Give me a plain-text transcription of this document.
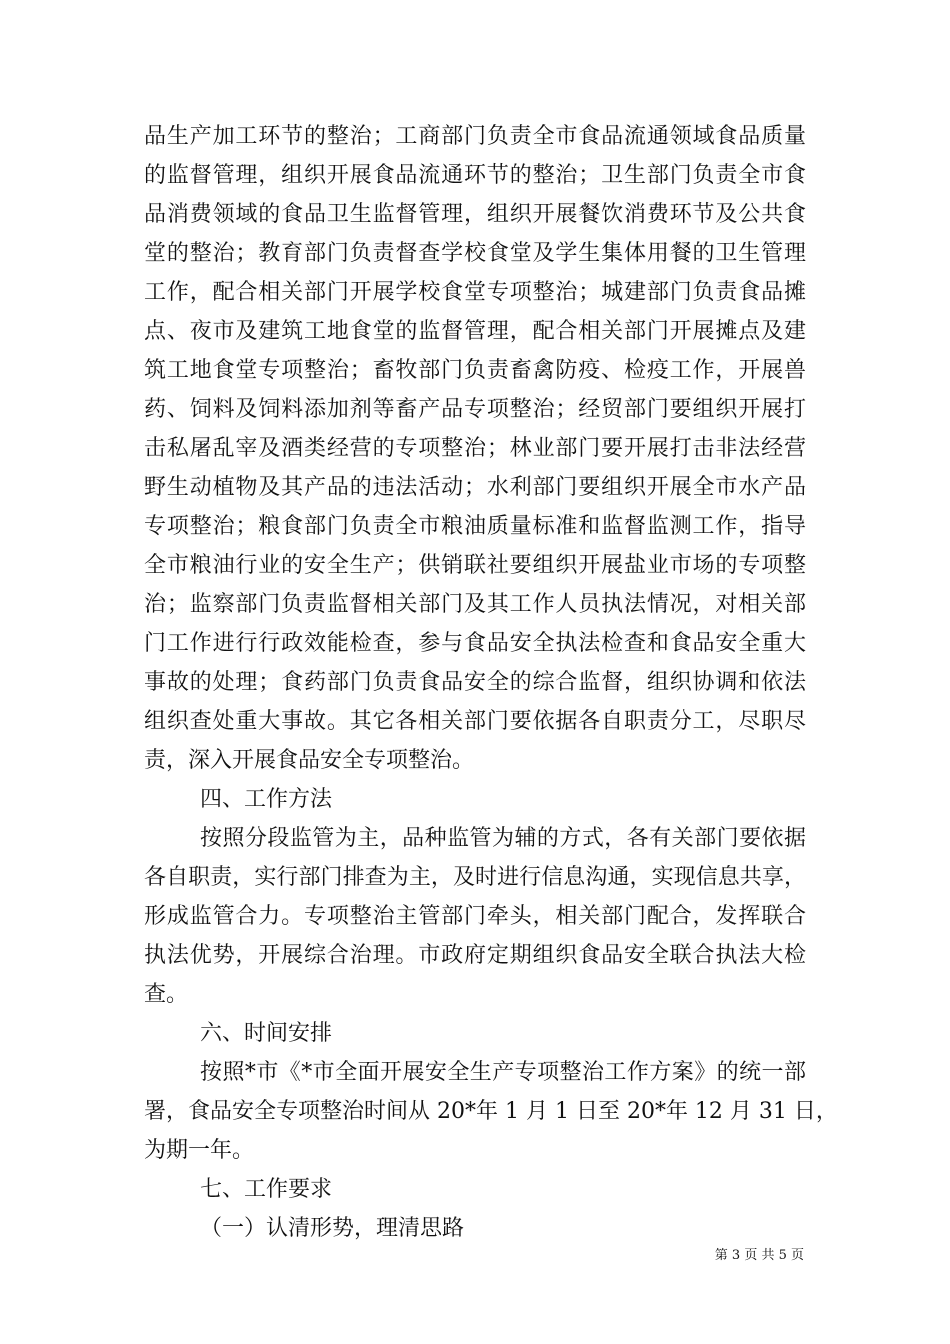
品生产加工环节的整治；工商部门负责全市食品流通领域食品质量
的监督管理，组织开展食品流通环节的整治；卫生部门负责全市食
品消费领域的食品卫生监督管理，组织开展餐饮消费环节及公共食
堂的整治；教育部门负责督查学校食堂及学生集体用餐的卫生管理
工作，配合相关部门开展学校食堂专项整治；城建部门负责食品摊
点、夜市及建筑工地食堂的监督管理，配合相关部门开展摊点及建
筑工地食堂专项整治；畜牧部门负责畜禽防疫、检疫工作，开展兽
药、饲料及饲料添加剂等畜产品专项整治；经贸部门要组织开展打
击私屠乱宰及酒类经营的专项整治；林业部门要开展打击非法经营
野生动植物及其产品的违法活动；水利部门要组织开展全市水产品
专项整治；粮食部门负责全市粮油质量标准和监督监测工作，指导
全市粮油行业的安全生产；供销联社要组织开展盐业市场的专项整
治；监察部门负责监督相关部门及其工作人员执法情况，对相关部
门工作进行行政效能检查，参与食品安全执法检查和食品安全重大
事故的处理；食药部门负责食品安全的综合监督，组织协调和依法
组织查处重大事故。其它各相关部门要依据各自职责分工，尽职尽
责，深入开展食品安全专项整治。
四、工作方法
按照分段监管为主，品种监管为辅的方式，各有关部门要依据
各自职责，实行部门排查为主，及时进行信息沟通，实现信息共享，
形成监管合力。专项整治主管部门牵头，相关部门配合，发挥联合
执法优势，开展综合治理。市政府定期组织食品安全联合执法大检
查。
六、时间安排
按照*市《*市全面开展安全生产专项整治工作方案》的统一部
署，食品安全专项整治时间从 20*年 1 月 1 日至 20*年 12 月 31 日，
为期一年。
七、工作要求
（一）认清形势，理清思路
第 3 页 共 5 页
